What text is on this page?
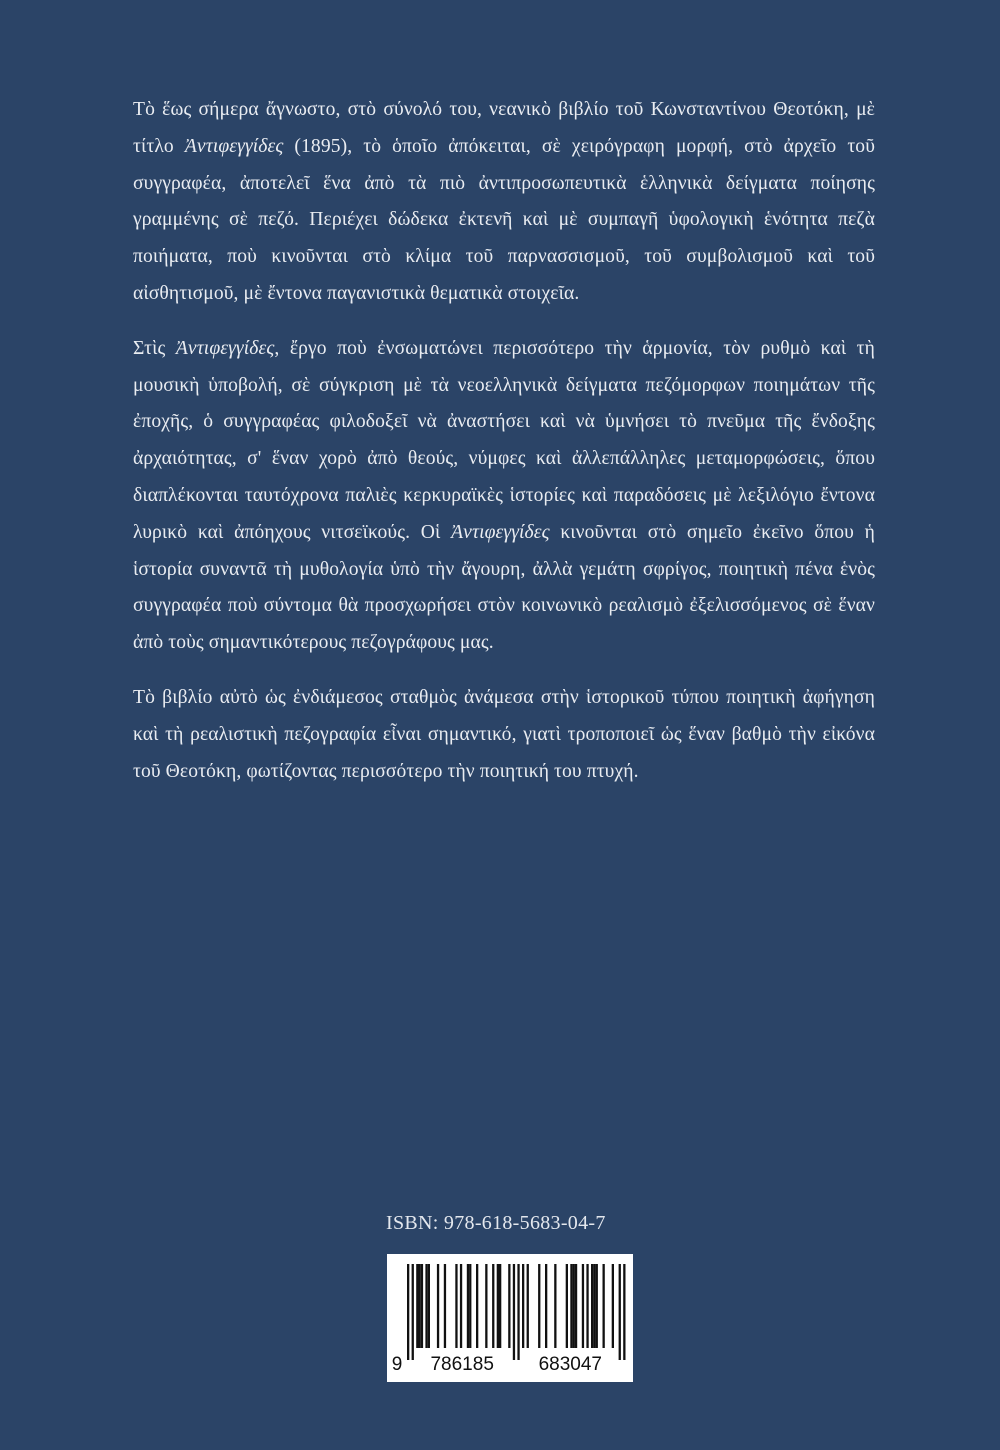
Τὸ ἕως σήμερα ἄγνωστο, στὸ σύνολό του, νεανικὸ βιβλίο τοῦ Κωνσταντίνου Θεοτόκη, μὲ τίτλο Ἀντιφεγγίδες (1895), τὸ ὁποῖο ἀπόκειται, σὲ χειρόγραφη μορφή, στὸ ἀρχεῖο τοῦ συγγραφέα, ἀποτελεῖ ἕνα ἀπὸ τὰ πιὸ ἀντιπροσωπευτικὰ ἑλληνικὰ δείγματα ποίησης γραμμένης σὲ πεζό. Περιέχει δώδεκα ἐκτενῆ καὶ μὲ συμπαγῆ ὑφολογικὴ ἑνότητα πεζὰ ποιήματα, ποὺ κινοῦνται στὸ κλίμα τοῦ παρνασσισμοῦ, τοῦ συμβολισμοῦ καὶ τοῦ αἰσθητισμοῦ, μὲ ἔντονα παγανιστικὰ θεματικὰ στοιχεῖα.

Στὶς Ἀντιφεγγίδες, ἔργο ποὺ ἐνσωματώνει περισσότερο τὴν ἁρμονία, τὸν ρυθμὸ καὶ τὴ μουσικὴ ὑποβολή, σὲ σύγκριση μὲ τὰ νεοελληνικὰ δείγματα πεζόμορφων ποιημάτων τῆς ἐποχῆς, ὁ συγγραφέας φιλοδοξεῖ νὰ ἀναστήσει καὶ νὰ ὑμνήσει τὸ πνεῦμα τῆς ἔνδοξης ἀρχαιότητας, σ' ἕναν χορὸ ἀπὸ θεούς, νύμφες καὶ ἀλλεπάλληλες μεταμορφώσεις, ὅπου διαπλέκονται ταυτόχρονα παλιὲς κερκυραϊκὲς ἱστορίες καὶ παραδόσεις μὲ λεξιλόγιο ἔντονα λυρικὸ καὶ ἀπόηχους νιτσεϊκούς. Οἱ Ἀντιφεγγίδες κινοῦνται στὸ σημεῖο ἐκεῖνο ὅπου ἡ ἱστορία συναντᾶ τὴ μυθολογία ὑπὸ τὴν ἄγουρη, ἀλλὰ γεμάτη σφρίγος, ποιητικὴ πένα ἑνὸς συγγραφέα ποὺ σύντομα θὰ προσχωρήσει στὸν κοινωνικὸ ρεαλισμὸ ἐξελισσόμενος σὲ ἕναν ἀπὸ τοὺς σημαντικότερους πεζογράφους μας.

Τὸ βιβλίο αὐτὸ ὡς ἐνδιάμεσος σταθμὸς ἀνάμεσα στὴν ἱστορικοῦ τύπου ποιητικὴ ἀφήγηση καὶ τὴ ρεαλιστικὴ πεζογραφία εἶναι σημαντικό, γιατὶ τροποποιεῖ ὡς ἕναν βαθμὸ τὴν εἰκόνα τοῦ Θεοτόκη, φωτίζοντας περισσότερο τὴν ποιητική του πτυχή.

ISBN: 978-618-5683-04-7
9 786185 683047
